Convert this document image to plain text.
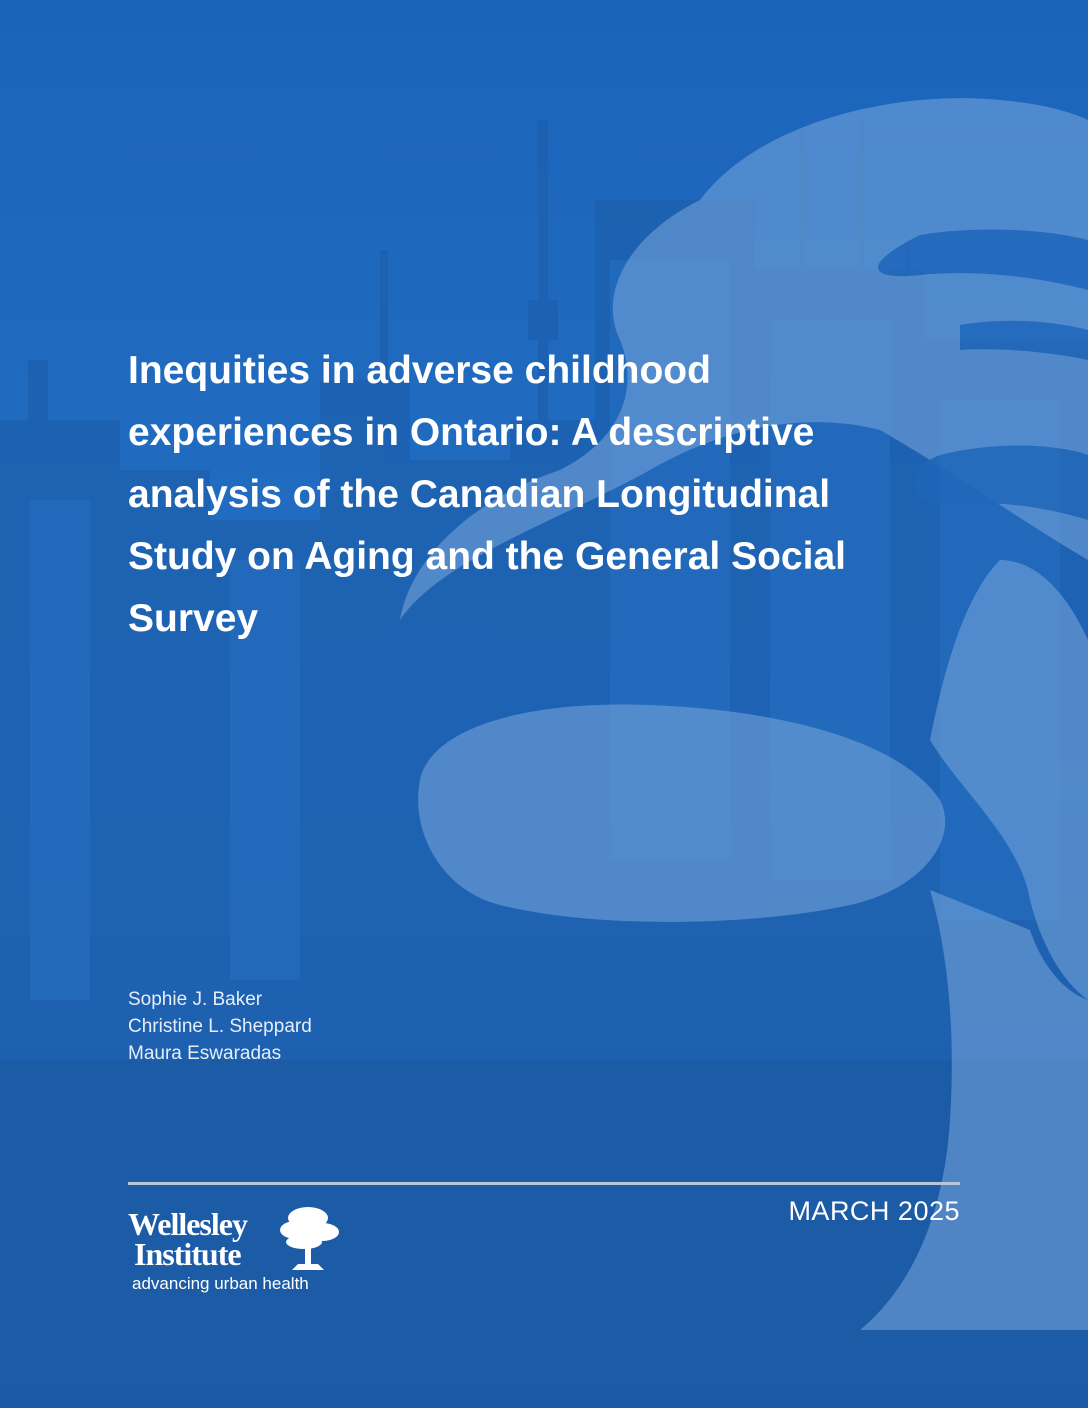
Inequities in adverse childhood experiences in Ontario: A descriptive analysis of the Canadian Longitudinal Study on Aging and the General Social Survey
Sophie J. Baker
Christine L. Sheppard
Maura Eswaradas
MARCH 2025
Wellesley
Institute
advancing urban health
